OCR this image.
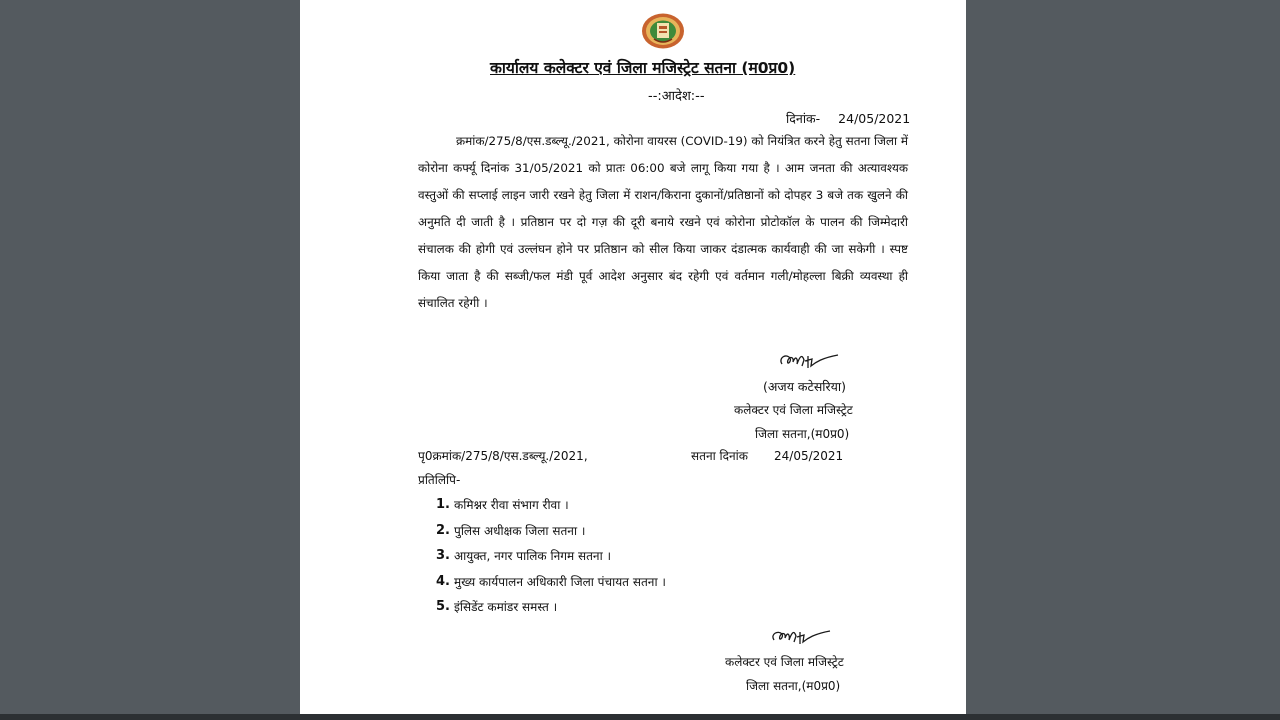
कार्यालय कलेक्टर एवं जिला मजिस्ट्रेट सतना (म0प्र0)
--:आदेश:--
दिनांक- 24/05/2021
क्रमांक/275/8/एस.डब्ल्यू./2021, कोरोना वायरस (COVID-19) को नियंत्रित करने हेतु सतना जिला में कोरोना कर्फ्यू दिनांक 31/05/2021 को प्रातः 06:00 बजे लागू किया गया है । आम जनता की अत्यावश्यक वस्तुओं की सप्लाई लाइन जारी रखने हेतु जिला में राशन/किराना दुकानों/प्रतिष्ठानों को दोपहर 3 बजे तक खुलने की अनुमति दी जाती है । प्रतिष्ठान पर दो गज़ की दूरी बनाये रखने एवं कोरोना प्रोटोकॉल के पालन की जिम्मेदारी संचालक की होगी एवं उल्लंघन होने पर प्रतिष्ठान को सील किया जाकर दंडात्मक कार्यवाही की जा सकेगी । स्पष्ट किया जाता है की सब्जी/फल मंडी पूर्व आदेश अनुसार बंद रहेगी एवं वर्तमान गली/मोहल्ला बिक्री व्यवस्था ही संचालित रहेगी ।
(अजय कटेसरिया)
कलेक्टर एवं जिला मजिस्ट्रेट
जिला सतना,(म0प्र0)
पृ0क्रमांक/275/8/एस.डब्ल्यू./2021,	सतना दिनांक 24/05/2021
प्रतिलिपि-
1. कमिश्नर रीवा संभाग रीवा ।
2. पुलिस अधीक्षक जिला सतना ।
3. आयुक्त, नगर पालिक निगम सतना ।
4. मुख्य कार्यपालन अधिकारी जिला पंचायत सतना ।
5. इंसिडेंट कमांडर समस्त ।
कलेक्टर एवं जिला मजिस्ट्रेट
जिला सतना,(म0प्र0)
